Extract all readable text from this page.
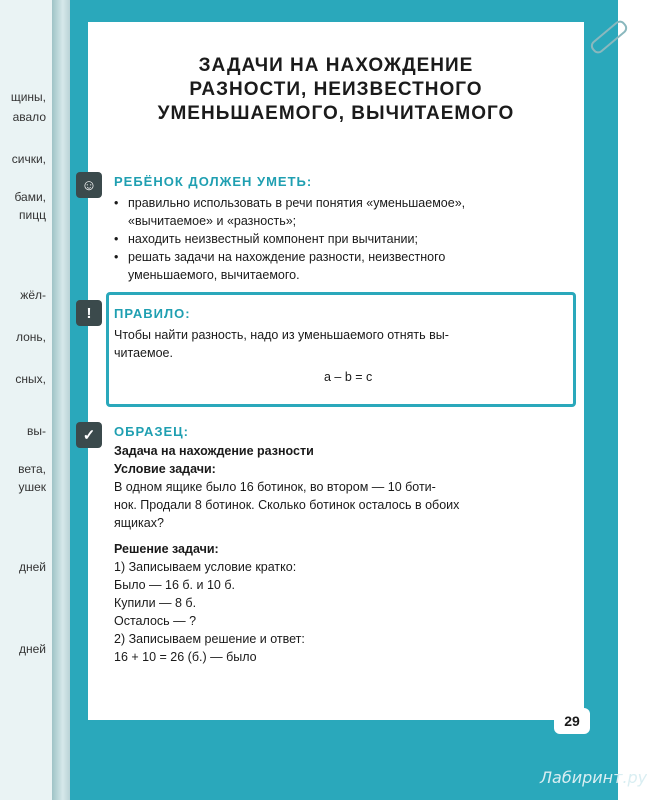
щины,
авало
сички,
бами,
пицц
жёл-
лонь,
сных,
вы-
вета,
ушек
дней
дней
ЗАДАЧИ НА НАХОЖДЕНИЕ
РАЗНОСТИ, НЕИЗВЕСТНОГО
УМЕНЬШАЕМОГО, ВЫЧИТАЕМОГО
☺ РЕБЁНОК ДОЛЖЕН УМЕТЬ:
• правильно использовать в речи понятия «уменьшаемое»,
«вычитаемое» и «разность»;
• находить неизвестный компонент при вычитании;
• решать задачи на нахождение разности, неизвестного
уменьшаемого, вычитаемого.
! ПРАВИЛО:
Чтобы найти разность, надо из уменьшаемого отнять вы-
читаемое.
a – b = c
✓ ОБРАЗЕЦ:
Задача на нахождение разности
Условие задачи:
В одном ящике было 16 ботинок, во втором — 10 боти-
нок. Продали 8 ботинок. Сколько ботинок осталось в обоих
ящиках?
Решение задачи:
1) Записываем условие кратко:
Было — 16 б. и 10 б.
Купили — 8 б.
Осталось — ?
2) Записываем решение и ответ:
16 + 10 = 26 (б.) — было
29
Лабиринт.ру
